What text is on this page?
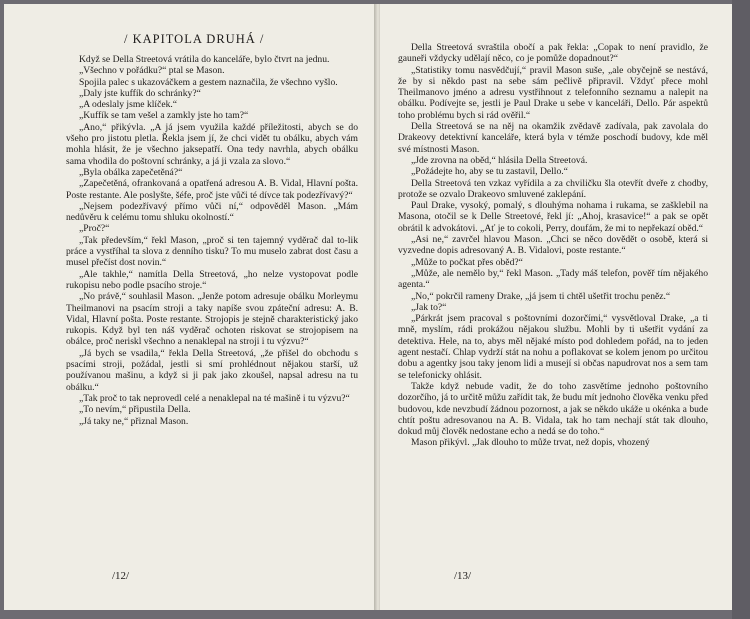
/ KAPITOLA DRUHÁ /

Když se Della Streetová vrátila do kanceláře, bylo čtvrt na jednu.

„Všechno v pořádku?“ ptal se Mason.

Spojila palec s ukazováčkem a gestem naznačila, že všechno vyšlo.

„Daly jste kuffík do schránky?“

„A odeslaly jsme klíček.“

„Kuffík se tam vešel a zamkly jste ho tam?“

„Ano,“ přikývla. „A já jsem využila každé příležitosti, abych se do všeho pro jistotu pletla. Řekla jsem jí, že chci vidět tu obálku, abych vám mohla hlásit, že je všechno jaksepatří. Ona tedy navrhla, abych obálku sama vhodila do poštovní schránky, a já ji vzala za slovo.“

„Byla obálka zapečetěná?“

„Zapečetěná, ofrankovaná a opatřená adresou A. B. Vidal, Hlavní pošta. Poste restante. Ale poslyšte, šéfe, proč jste vůči té dívce tak podezřívavý?“

„Nejsem podezřívavý přímo vůči ní,“ odpověděl Mason. „Mám nedůvěru k celému tomu shluku okolností.“

„Proč?“

„Tak především,“ řekl Mason, „proč si ten tajemný vyděrač dal to-lik práce a vystříhal ta slova z denního tisku? To mu muselo zabrat dost času a musel přečíst dost novin.“

„Ale takhle,“ namítla Della Streetová, „ho nelze vystopovat podle rukopisu nebo podle psacího stroje.“

„No právě,“ souhlasil Mason. „Jenže potom adresuje obálku Morleymu Theilmanovi na psacím stroji a taky napíše svou zpáteční adresu: A. B. Vidal, Hlavní pošta. Poste restante. Strojopis je stejně charakteristický jako rukopis. Když byl ten náš vyděrač ochoten riskovat se strojopisem na obálce, proč neriskl všechno a nenaklepal na stroji i tu výzvu?“

„Já bych se vsadila,“ řekla Della Streetová, „že přišel do obchodu s psacími stroji, požádal, jestli si smí prohlédnout nějakou starší, už používanou mašinu, a když si ji pak jako zkoušel, napsal adresu na tu obálku.“

„Tak proč to tak neprovedl celé a nenaklepal na té mašině i tu výzvu?“

„To nevím,“ připustila Della.

„Já taky ne,“ přiznal Mason.

/12/

Della Streetová svraštila obočí a pak řekla: „Copak to není pravidlo, že gauneři vždycky udělají něco, co je pomůže dopadnout?“

„Statistiky tomu nasvědčují,“ pravil Mason suše, „ale obyčejně se nestává, že by si někdo past na sebe sám pečlivě připravil. Vždyť přece mohl Theilmanovo jméno a adresu vystřihnout z telefonního seznamu a nalepit na obálku. Podívejte se, jestli je Paul Drake u sebe v kanceláři, Dello. Pár aspektů toho problému bych si rád ověřil.“

Della Streetová se na něj na okamžik zvědavě zadívala, pak zavolala do Drakeovy detektivní kanceláře, která byla v témže poschodí budovy, kde měl své místnosti Mason.

„Jde zrovna na oběd,“ hlásila Della Streetová.

„Požádejte ho, aby se tu zastavil, Dello.“

Della Streetová ten vzkaz vyřídila a za chviličku šla otevřít dveře z chodby, protože se ozvalo Drakeovo smluvené zaklepání.

Paul Drake, vysoký, pomalý, s dlouhýma nohama i rukama, se zašklebil na Masona, otočil se k Delle Streetové, řekl jí: „Ahoj, krasavice!“ a pak se opět obrátil k advokátovi. „Ať je to cokoli, Perry, doufám, že mi to nepřekazí oběd.“

„Asi ne,“ zavrčel hlavou Mason. „Chci se něco dovědět o osobě, která si vyzvedne dopis adresovaný A. B. Vidalovi, poste restante.“

„Může to počkat přes oběd?“

„Může, ale nemělo by,“ řekl Mason. „Tady máš telefon, pověř tím nějakého agenta.“

„No,“ pokrčil rameny Drake, „já jsem ti chtěl ušetřit trochu peněz.“

„Jak to?“

„Párkrát jsem pracoval s poštovními dozorčími,“ vysvětloval Drake, „a ti mně, myslím, rádi prokážou nějakou službu. Mohli by ti ušetřit vydání za detektiva. Hele, na to, abys měl nějaké místo pod dohledem pořád, na to jeden agent nestačí. Chlap vydrží stát na nohu a poflakovat se kolem jenom po určitou dobu a agentky jsou taky jenom lidi a musejí si občas napudrovat nos a sem tam se telefonicky ohlásit.

Takže když nebude vadit, že do toho zasvětíme jednoho poštovního dozorčího, já to určitě můžu zařídit tak, že budu mít jednoho člověka venku před budovou, kde nevzbudí žádnou pozornost, a jak se někdo ukáže u okénka a bude chtít poštu adresovanou na A. B. Vidala, tak ho tam nechají stát tak dlouho, dokud můj člověk nedostane echo a nedá se do toho.“

Mason přikývl. „Jak dlouho to může trvat, než dopis, vhozený

/13/
